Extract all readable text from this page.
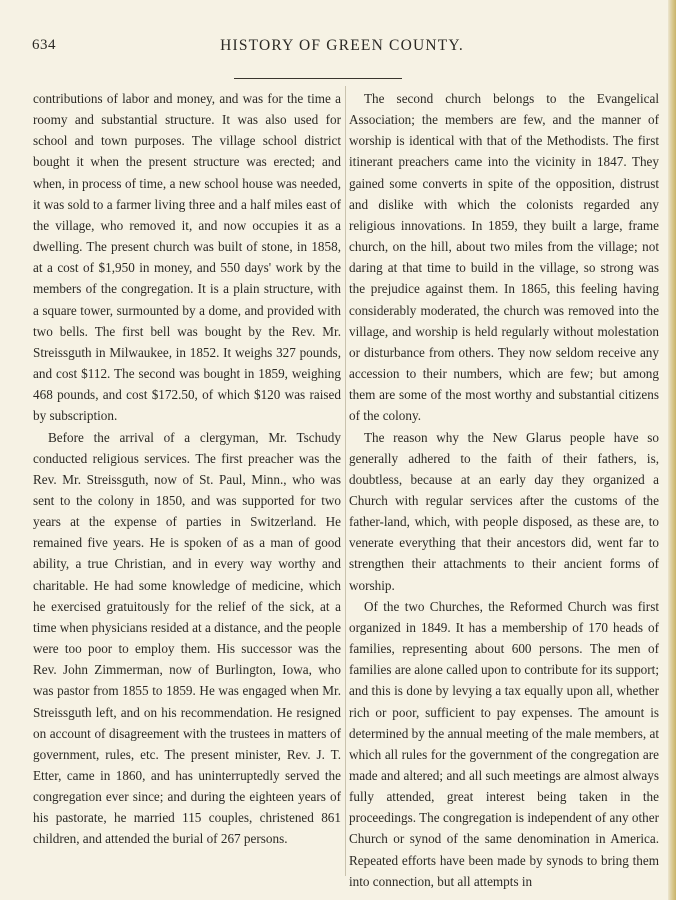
634	HISTORY OF GREEN COUNTY.

contributions of labor and money, and was for the time a roomy and substantial structure. It was also used for school and town purposes. The village school district bought it when the present structure was erected; and when, in process of time, a new school house was needed, it was sold to a farmer living three and a half miles east of the village, who removed it, and now occupies it as a dwelling. The present church was built of stone, in 1858, at a cost of $1,950 in money, and 550 days' work by the members of the congregation. It is a plain structure, with a square tower, surmounted by a dome, and provided with two bells. The first bell was bought by the Rev. Mr. Streissguth in Milwaukee, in 1852. It weighs 327 pounds, and cost $112. The second was bought in 1859, weighing 468 pounds, and cost $172.50, of which $120 was raised by subscription.

Before the arrival of a clergyman, Mr. Tschudy conducted religious services. The first preacher was the Rev. Mr. Streissguth, now of St. Paul, Minn., who was sent to the colony in 1850, and was supported for two years at the expense of parties in Switzerland. He remained five years. He is spoken of as a man of good ability, a true Christian, and in every way worthy and charitable. He had some knowledge of medicine, which he exercised gratuitously for the relief of the sick, at a time when physicians resided at a distance, and the people were too poor to employ them. His successor was the Rev. John Zimmerman, now of Burlington, Iowa, who was pastor from 1855 to 1859. He was engaged when Mr. Streissguth left, and on his recommendation. He resigned on account of disagreement with the trustees in matters of government, rules, etc. The present minister, Rev. J. T. Etter, came in 1860, and has uninterruptedly served the congregation ever since; and during the eighteen years of his pastorate, he married 115 couples, christened 861 children, and attended the burial of 267 persons.

The second church belongs to the Evangelical Association; the members are few, and the manner of worship is identical with that of the Methodists. The first itinerant preachers came into the vicinity in 1847. They gained some converts in spite of the opposition, distrust and dislike with which the colonists regarded any religious innovations. In 1859, they built a large, frame church, on the hill, about two miles from the village; not daring at that time to build in the village, so strong was the prejudice against them. In 1865, this feeling having considerably moderated, the church was removed into the village, and worship is held regularly without molestation or disturbance from others. They now seldom receive any accession to their numbers, which are few; but among them are some of the most worthy and substantial citizens of the colony.

The reason why the New Glarus people have so generally adhered to the faith of their fathers, is, doubtless, because at an early day they organized a Church with regular services after the customs of the father-land, which, with people disposed, as these are, to venerate everything that their ancestors did, went far to strengthen their attachments to their ancient forms of worship.

Of the two Churches, the Reformed Church was first organized in 1849. It has a membership of 170 heads of families, representing about 600 persons. The men of families are alone called upon to contribute for its support; and this is done by levying a tax equally upon all, whether rich or poor, sufficient to pay expenses. The amount is determined by the annual meeting of the male members, at which all rules for the government of the congregation are made and altered; and all such meetings are almost always fully attended, great interest being taken in the proceedings. The congregation is independent of any other Church or synod of the same denomination in America. Repeated efforts have been made by synods to bring them into connection, but all attempts in
